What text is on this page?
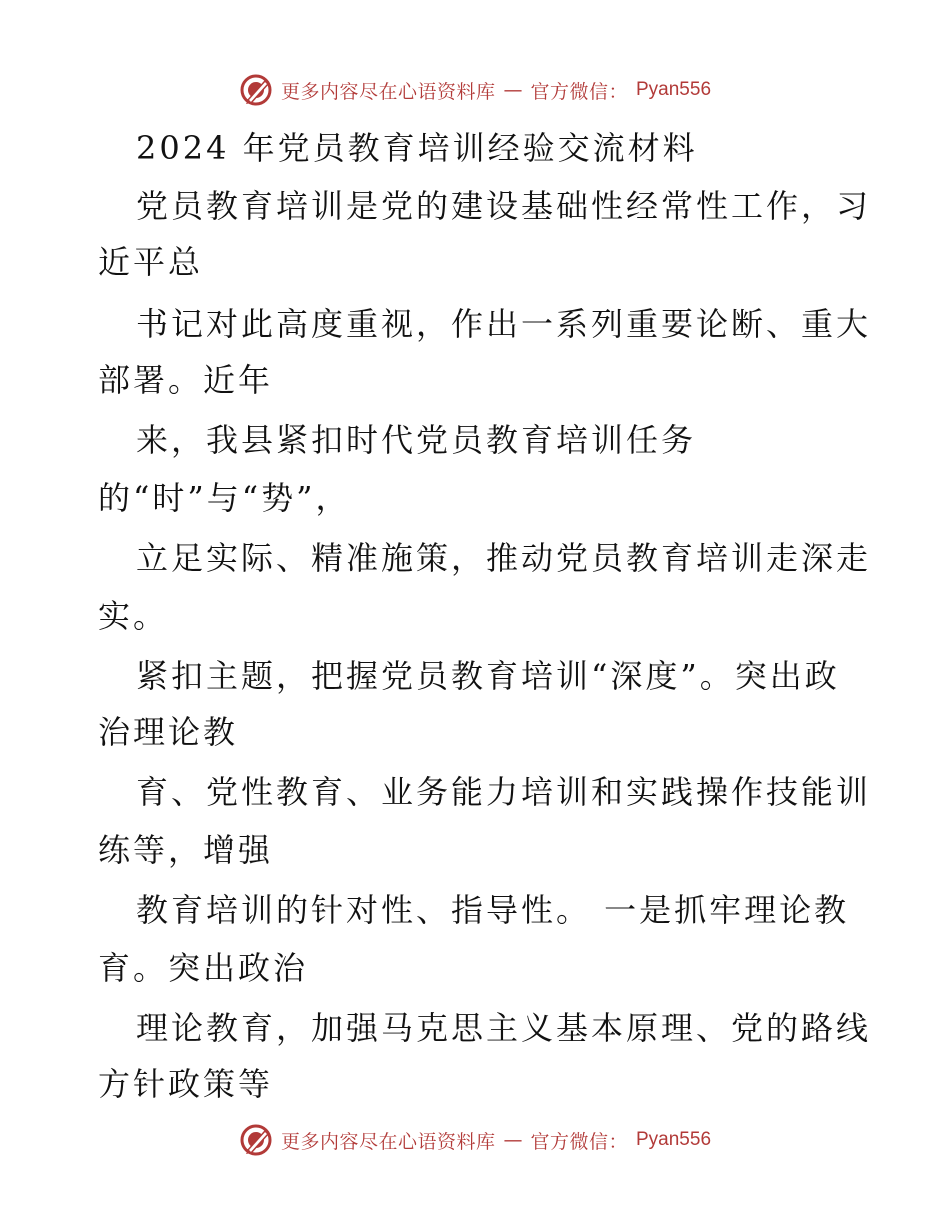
更多内容尽在心语资料库 — 官方微信： Pyan556
2024 年党员教育培训经验交流材料
党员教育培训是党的建设基础性经常性工作，习
近平总
书记对此高度重视，作出一系列重要论断、重大
部署。近年
来，我县紧扣时代党员教育培训任务
的“时”与“势”，
立足实际、精准施策，推动党员教育培训走深走
实。
紧扣主题，把握党员教育培训“深度”。突出政
治理论教
育、党性教育、业务能力培训和实践操作技能训
练等，增强
教育培训的针对性、指导性。 一是抓牢理论教
育。突出政治
理论教育，加强马克思主义基本原理、党的路线
方针政策等
更多内容尽在心语资料库 — 官方微信： Pyan556
